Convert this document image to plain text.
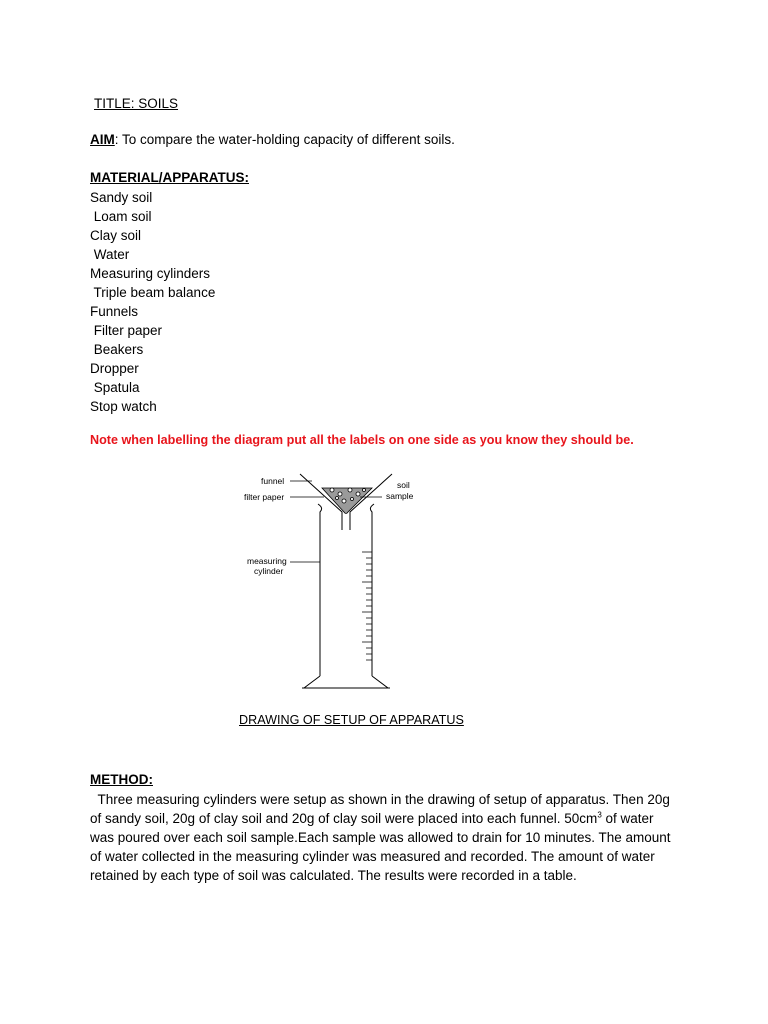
TITLE: SOILS
AIM: To compare the water-holding capacity of different soils.
MATERIAL/APPARATUS:
Sandy soil
Loam soil
Clay soil
Water
Measuring cylinders
Triple beam balance
Funnels
Filter paper
Beakers
Dropper
Spatula
Stop watch
Note when labelling the diagram put all the labels on one side as you know they should be.
funnel
filter paper
soil
sample
measuring
cylinder
DRAWING OF SETUP OF APPARATUS
METHOD:

Three measuring cylinders were setup as shown in the drawing of setup of apparatus. Then 20g of sandy soil, 20g of clay soil and 20g of clay soil were placed into each funnel. $50cm^3$ of water was poured over each soil sample.Each sample was allowed to drain for 10 minutes. The amount of water collected in the measuring cylinder was measured and recorded. The amount of water retained by each type of soil was calculated. The results were recorded in a table.
